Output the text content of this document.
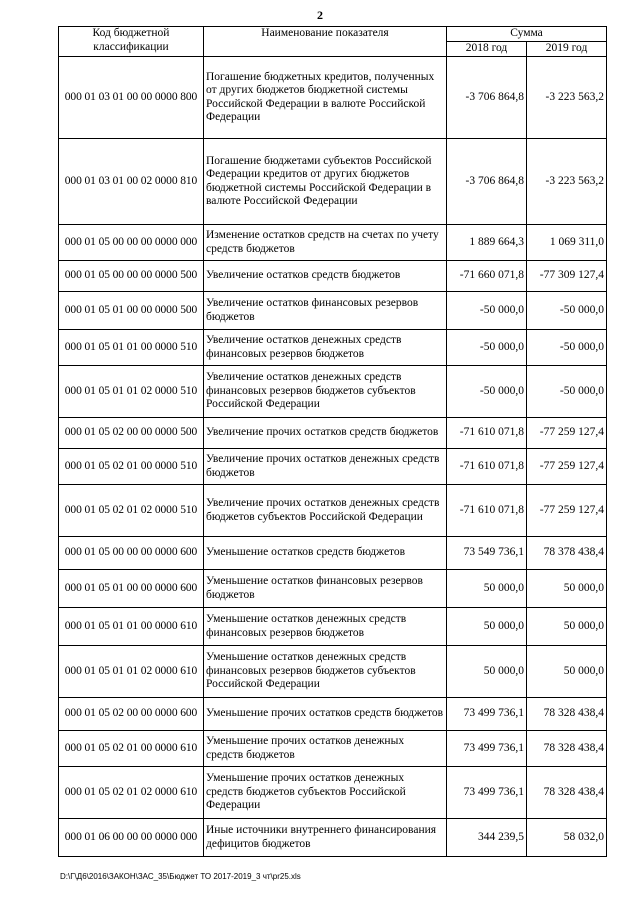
2
Код бюджетной классификации	Наименование показателя	Сумма	
		2018 год	2019 год
000 01 03 01 00 00 0000 800	Погашение бюджетных кредитов, полученных от других бюджетов бюджетной системы Российской Федерации в валюте Российской Федерации	-3 706 864,8	-3 223 563,2
000 01 03 01 00 02 0000 810	Погашение бюджетами субъектов Российской Федерации кредитов от других бюджетов бюджетной системы Российской Федерации в валюте Российской Федерации	-3 706 864,8	-3 223 563,2
000 01 05 00 00 00 0000 000	Изменение остатков средств на счетах по учету средств бюджетов	1 889 664,3	1 069 311,0
000 01 05 00 00 00 0000 500	Увеличение остатков средств бюджетов	-71 660 071,8	-77 309 127,4
000 01 05 01 00 00 0000 500	Увеличение остатков финансовых резервов бюджетов	-50 000,0	-50 000,0
000 01 05 01 01 00 0000 510	Увеличение остатков денежных средств финансовых резервов бюджетов	-50 000,0	-50 000,0
000 01 05 01 01 02 0000 510	Увеличение остатков денежных средств финансовых резервов бюджетов субъектов Российской Федерации	-50 000,0	-50 000,0
000 01 05 02 00 00 0000 500	Увеличение прочих остатков средств бюджетов	-71 610 071,8	-77 259 127,4
000 01 05 02 01 00 0000 510	Увеличение прочих остатков денежных средств бюджетов	-71 610 071,8	-77 259 127,4
000 01 05 02 01 02 0000 510	Увеличение прочих остатков денежных средств бюджетов субъектов Российской Федерации	-71 610 071,8	-77 259 127,4
000 01 05 00 00 00 0000 600	Уменьшение остатков средств бюджетов	73 549 736,1	78 378 438,4
000 01 05 01 00 00 0000 600	Уменьшение остатков финансовых резервов бюджетов	50 000,0	50 000,0
000 01 05 01 01 00 0000 610	Уменьшение остатков денежных средств финансовых резервов бюджетов	50 000,0	50 000,0
000 01 05 01 01 02 0000 610	Уменьшение остатков денежных средств финансовых резервов бюджетов субъектов Российской Федерации	50 000,0	50 000,0
000 01 05 02 00 00 0000 600	Уменьшение прочих остатков средств бюджетов	73 499 736,1	78 328 438,4
000 01 05 02 01 00 0000 610	Уменьшение прочих остатков денежных средств бюджетов	73 499 736,1	78 328 438,4
000 01 05 02 01 02 0000 610	Уменьшение прочих остатков денежных средств бюджетов субъектов Российской Федерации	73 499 736,1	78 328 438,4
000 01 06 00 00 00 0000 000	Иные источники внутреннего финансирования дефицитов бюджетов	344 239,5	58 032,0
D:\Г\Д6\2016\ЗАКОН\ЗАС_35\Бюджет ТО 2017-2019_3 чт\pr25.xls
